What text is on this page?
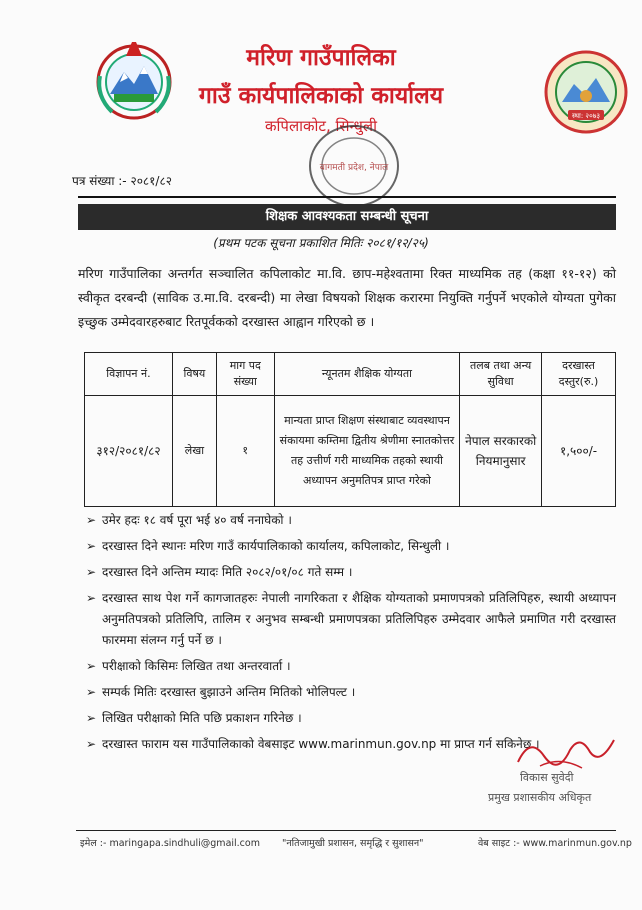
स्था: २०७३
मरिण गाउँपालिका
गाउँ कार्यपालिकाको कार्यालय
कपिलाकोट, सिन्धुली
बागमती प्रदेश, नेपाल
पत्र संख्या :- २०८१/८२
शिक्षक आवश्यकता सम्बन्धी सूचना
(प्रथम पटक सूचना प्रकाशित मितिः २०८१/१२/२५)
मरिण गाउँपालिका अन्तर्गत सञ्चालित कपिलाकोट मा.वि. छाप-महेश्वतामा रिक्त माध्यमिक तह (कक्षा ११-१२) को स्वीकृत दरबन्दी (साविक उ.मा.वि. दरबन्दी) मा लेखा विषयको शिक्षक करारमा नियुक्ति गर्नुपर्ने भएकोले योग्यता पुगेका इच्छुक उम्मेदवारहरुबाट रितपूर्वकको दरखास्त आह्वान गरिएको छ ।
विज्ञापन नं.	विषय	माग पद संख्या	न्यूनतम शैक्षिक योग्यता	तलब तथा अन्य सुविधा	दरखास्त दस्तुर(रु.)
३१२/२०८१/८२	लेखा	१	मान्यता प्राप्त शिक्षण संस्थाबाट व्यवस्थापन संकायमा कम्तिमा द्वितीय श्रेणीमा स्नातकोत्तर तह उत्तीर्ण गरी माध्यमिक तहको स्थायी अध्यापन अनुमतिपत्र प्राप्त गरेको	नेपाल सरकारको नियमानुसार	१,५००/-
➢ उमेर हदः १८ वर्ष पूरा भई ४० वर्ष ननाघेको ।
➢ दरखास्त दिने स्थानः मरिण गाउँ कार्यपालिकाको कार्यालय, कपिलाकोट, सिन्धुली ।
➢ दरखास्त दिने अन्तिम म्यादः मिति २०८२/०१/०८ गते सम्म ।
➢ दरखास्त साथ पेश गर्ने कागजातहरुः नेपाली नागरिकता र शैक्षिक योग्यताको प्रमाणपत्रको प्रतिलिपिहरु, स्थायी अध्यापन अनुमतिपत्रको प्रतिलिपि, तालिम र अनुभव सम्बन्धी प्रमाणपत्रका प्रतिलिपिहरु उम्मेदवार आफैले प्रमाणित गरी दरखास्त फारममा संलग्न गर्नु पर्ने छ ।
➢ परीक्षाको किसिमः लिखित तथा अन्तरवार्ता ।
➢ सम्पर्क मितिः दरखास्त बुझाउने अन्तिम मितिको भोलिपल्ट ।
➢ लिखित परीक्षाको मिति पछि प्रकाशन गरिनेछ ।
➢ दरखास्त फाराम यस गाउँपालिकाको वेबसाइट www.marinmun.gov.np मा प्राप्त गर्न सकिनेछ ।
विकास सुवेदी
प्रमुख प्रशासकीय अधिकृत
इमेल :- maringapa.sindhuli@gmail.com "नतिजामुखी प्रशासन, समृद्धि र सुशासन"	वेब साइट :- www.marinmun.gov.np
